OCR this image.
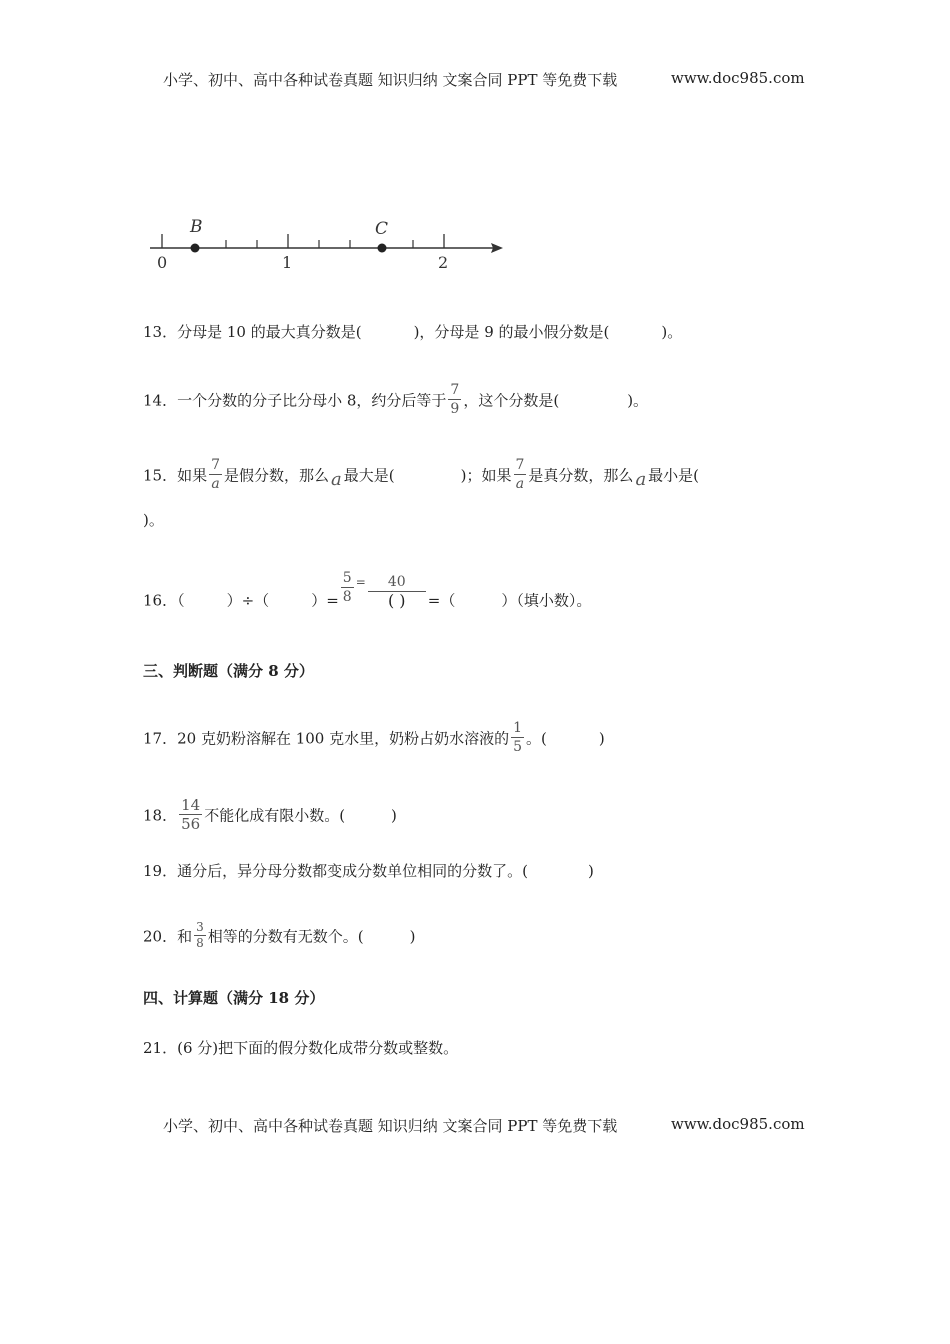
小学、初中、高中各种试卷真题 知识归纳 文案合同 PPT 等免费下载	www.doc985.com
B	C
0	1	2
13．分母是 10 的最大真分数是(	)，分母是 9 的最小假分数是(	)。
14．一个分数的分子比分母小 8，约分后等于 $\frac{7}{9}$ ，这个分数是(	)。
15．如果 $\frac{7}{a}$ 是假分数，那么 a 最大是(	)；如果 $\frac{7}{a}$ 是真分数，那么 a 最小是(
)。
16．（	）÷（	）= $\frac{5}{8} ^= \frac{40}{( )}$ =（	）（填小数）。
三、判断题（满分 8 分）
17．20 克奶粉溶解在 100 克水里，奶粉占奶水溶液的 $\frac{1}{5}$ 。(	)
18． $\frac{14}{56}$ 不能化成有限小数。(	)
19．通分后，异分母分数都变成分数单位相同的分数了。(	)
20．和 $\frac{3}{8}$ 相等的分数有无数个。(	)
四、计算题（满分 18 分）
21．(6 分)把下面的假分数化成带分数或整数。
小学、初中、高中各种试卷真题 知识归纳 文案合同 PPT 等免费下载	www.doc985.com
